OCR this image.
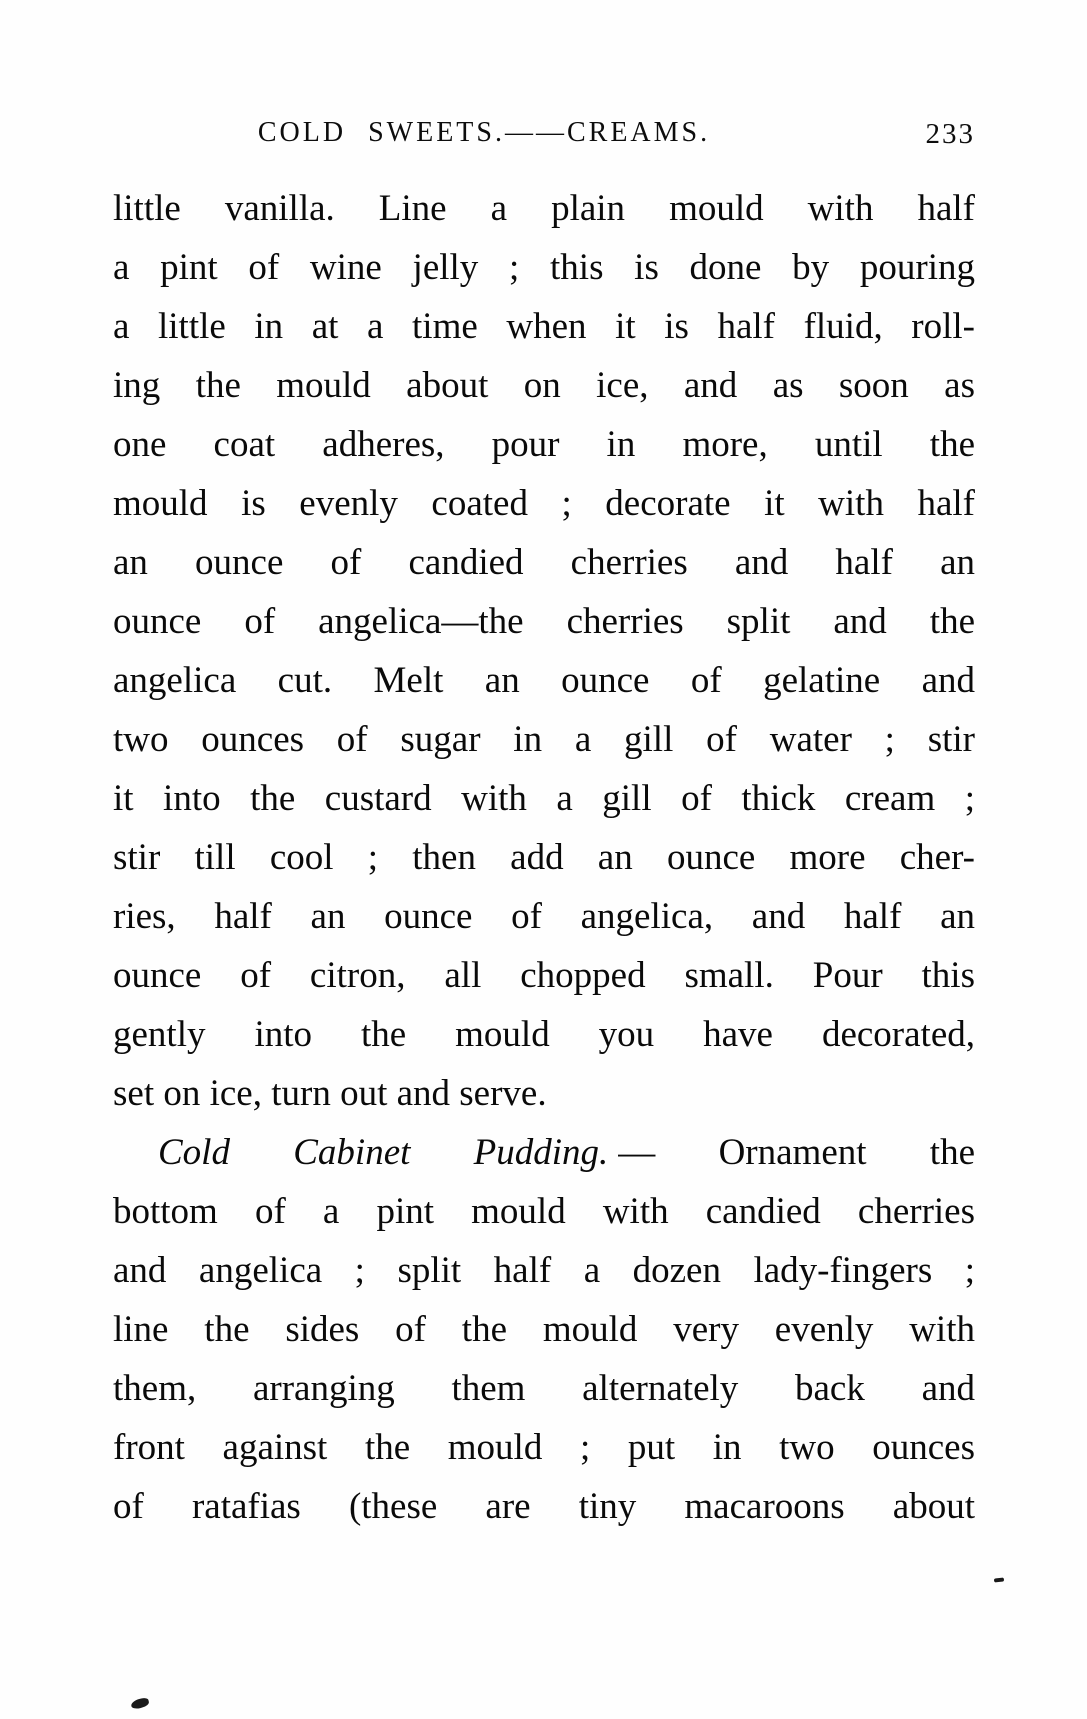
COLD SWEETS.——CREAMS.	233
little vanilla. Line a plain mould with half
a pint of wine jelly ; this is done by pouring
a little in at a time when it is half fluid, roll-
ing the mould about on ice, and as soon as
one coat adheres, pour in more, until the
mould is evenly coated ; decorate it with half
an ounce of candied cherries and half an
ounce of angelica—the cherries split and the
angelica cut. Melt an ounce of gelatine and
two ounces of sugar in a gill of water ; stir
it into the custard with a gill of thick cream ;
stir till cool ; then add an ounce more cher-
ries, half an ounce of angelica, and half an
ounce of citron, all chopped small. Pour this
gently into the mould you have decorated,
set on ice, turn out and serve.
Cold Cabinet Pudding. — Ornament the
bottom of a pint mould with candied cherries
and angelica ; split half a dozen lady-fingers ;
line the sides of the mould very evenly with
them, arranging them alternately back and
front against the mould ; put in two ounces
of ratafias (these are tiny macaroons about
